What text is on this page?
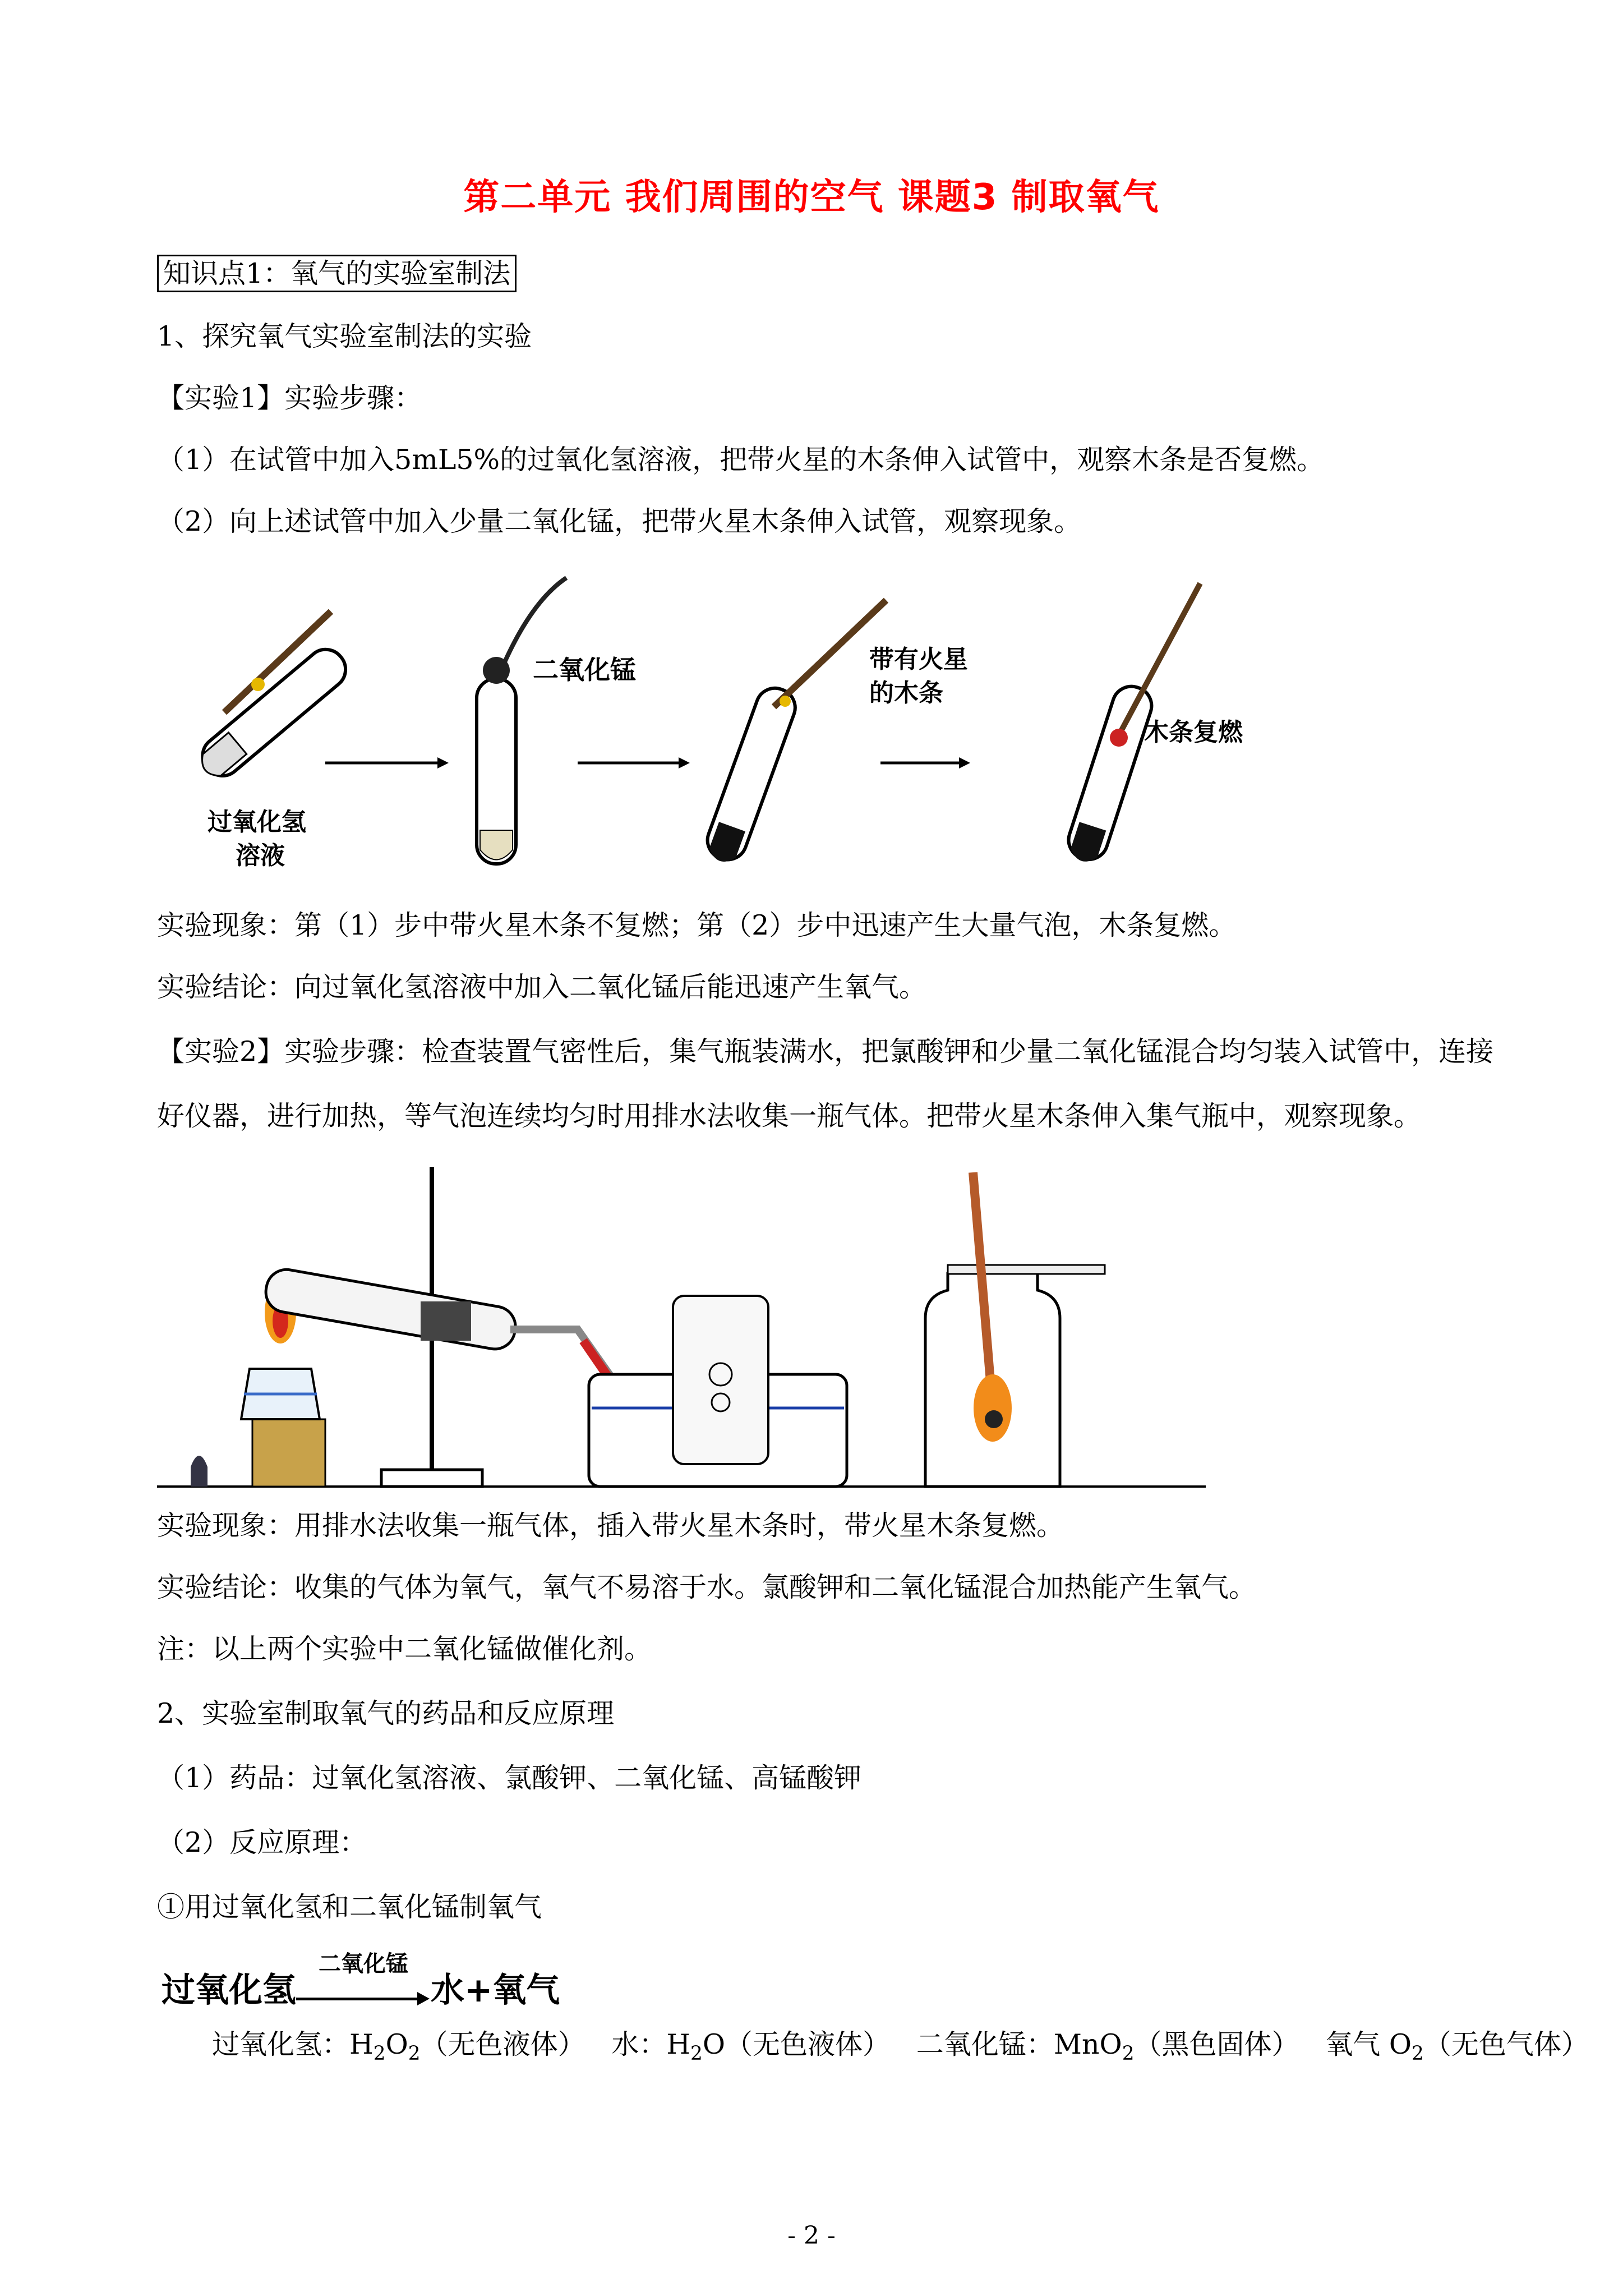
第二单元 我们周围的空气 课题3 制取氧气
知识点1：氧气的实验室制法
1、探究氧气实验室制法的实验
【实验1】实验步骤：
（1）在试管中加入5mL5%的过氧化氢溶液，把带火星的木条伸入试管中，观察木条是否复燃。
（2）向上述试管中加入少量二氧化锰，把带火星木条伸入试管，观察现象。
过氧化氢
溶液
二氧化锰	带有火星
的木条
木条复燃
实验现象：第（1）步中带火星木条不复燃；第（2）步中迅速产生大量气泡，木条复燃。
实验结论：向过氧化氢溶液中加入二氧化锰后能迅速产生氧气。
【实验2】实验步骤：检查装置气密性后，集气瓶装满水，把氯酸钾和少量二氧化锰混合均匀装入试管中，连接
好仪器，进行加热，等气泡连续均匀时用排水法收集一瓶气体。把带火星木条伸入集气瓶中，观察现象。
实验现象：用排水法收集一瓶气体，插入带火星木条时，带火星木条复燃。
实验结论：收集的气体为氧气，氧气不易溶于水。氯酸钾和二氧化锰混合加热能产生氧气。
注：以上两个实验中二氧化锰做催化剂。
2、实验室制取氧气的药品和反应原理
（1）药品：过氧化氢溶液、氯酸钾、二氧化锰、高锰酸钾
（2）反应原理：
①用过氧化氢和二氧化锰制氧气
过氧化氢
二氧化锰
水+氧气
过氧化氢：$H_2O_2$（无色液体） 水：$H_2O$（无色液体） 二氧化锰：MnO$_2$（黑色固体） 氧气 $O_2$（无色气体）
- 2 -
